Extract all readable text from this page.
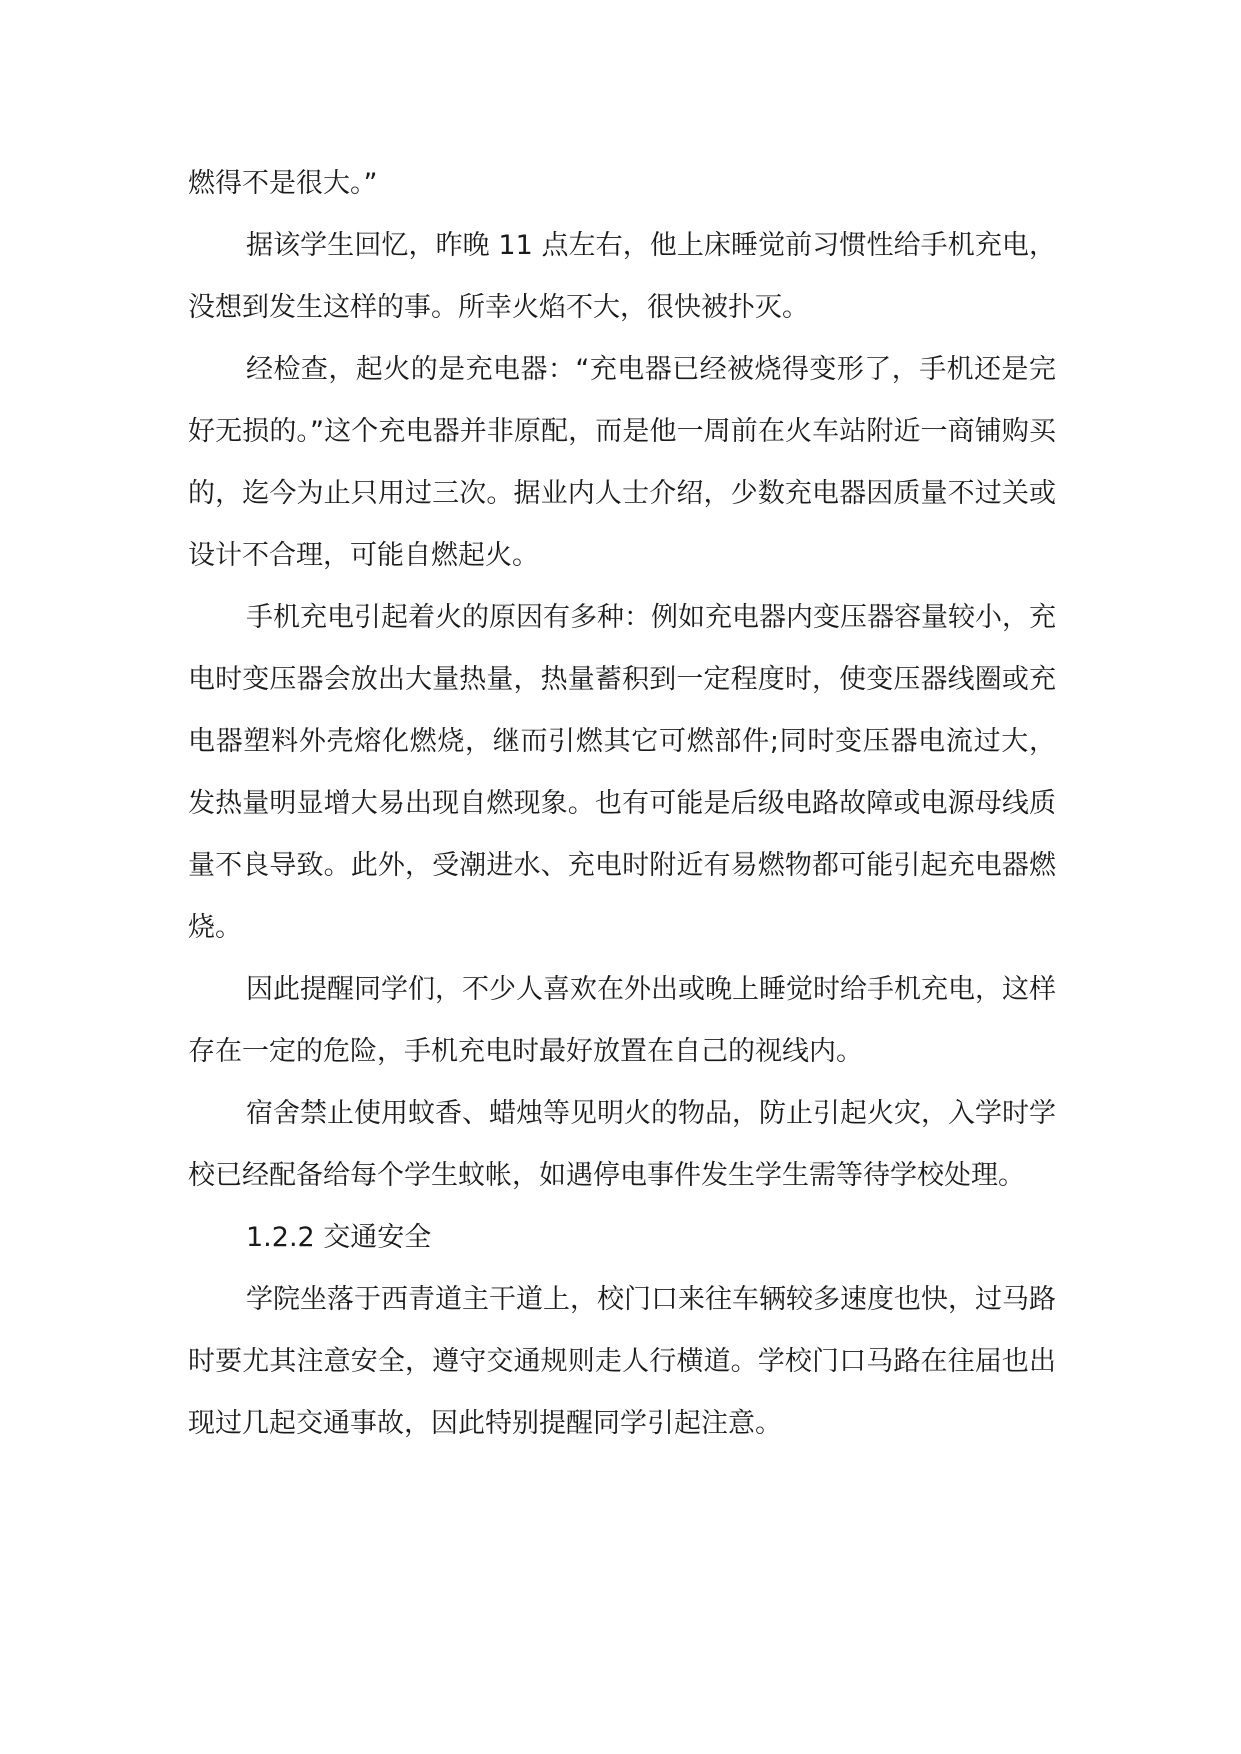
燃得不是很大。”

据该学生回忆，昨晚 11 点左右，他上床睡觉前习惯性给手机充电，没想到发生这样的事。所幸火焰不大，很快被扑灭。

经检查，起火的是充电器：“充电器已经被烧得变形了，手机还是完好无损的。”这个充电器并非原配，而是他一周前在火车站附近一商铺购买的，迄今为止只用过三次。据业内人士介绍，少数充电器因质量不过关或设计不合理，可能自燃起火。

手机充电引起着火的原因有多种：例如充电器内变压器容量较小，充电时变压器会放出大量热量，热量蓄积到一定程度时，使变压器线圈或充电器塑料外壳熔化燃烧，继而引燃其它可燃部件;同时变压器电流过大，发热量明显增大易出现自燃现象。也有可能是后级电路故障或电源母线质量不良导致。此外，受潮进水、充电时附近有易燃物都可能引起充电器燃烧。

因此提醒同学们，不少人喜欢在外出或晚上睡觉时给手机充电，这样存在一定的危险，手机充电时最好放置在自己的视线内。

宿舍禁止使用蚊香、蜡烛等见明火的物品，防止引起火灾，入学时学校已经配备给每个学生蚊帐，如遇停电事件发生学生需等待学校处理。

1.2.2 交通安全

学院坐落于西青道主干道上，校门口来往车辆较多速度也快，过马路时要尤其注意安全，遵守交通规则走人行横道。学校门口马路在往届也出现过几起交通事故，因此特别提醒同学引起注意。
